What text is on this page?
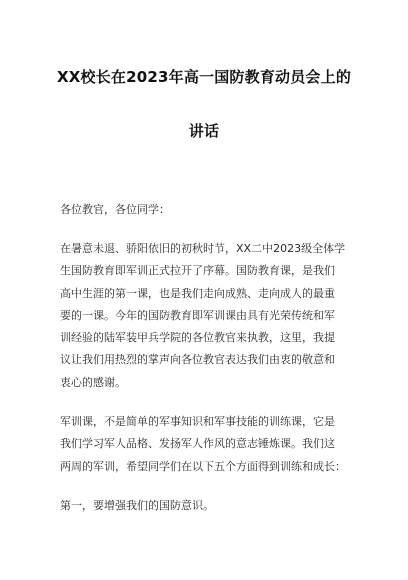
XX校长在2023年高一国防教育动员会上的
讲话

各位教官，各位同学：

在暑意未退、骄阳依旧的初秋时节，XX二中2023级全体学
生国防教育即军训正式拉开了序幕。国防教育课，是我们
高中生涯的第一课，也是我们走向成熟、走向成人的最重
要的一课。今年的国防教育即军训课由具有光荣传统和军
训经验的陆军装甲兵学院的各位教官来执教，这里，我提
议让我们用热烈的掌声向各位教官表达我们由衷的敬意和
衷心的感谢。

军训课，不是简单的军事知识和军事技能的训练课，它是
我们学习军人品格、发扬军人作风的意志锤炼课。我们这
两周的军训，希望同学们在以下五个方面得到训练和成长：

第一，要增强我们的国防意识。
